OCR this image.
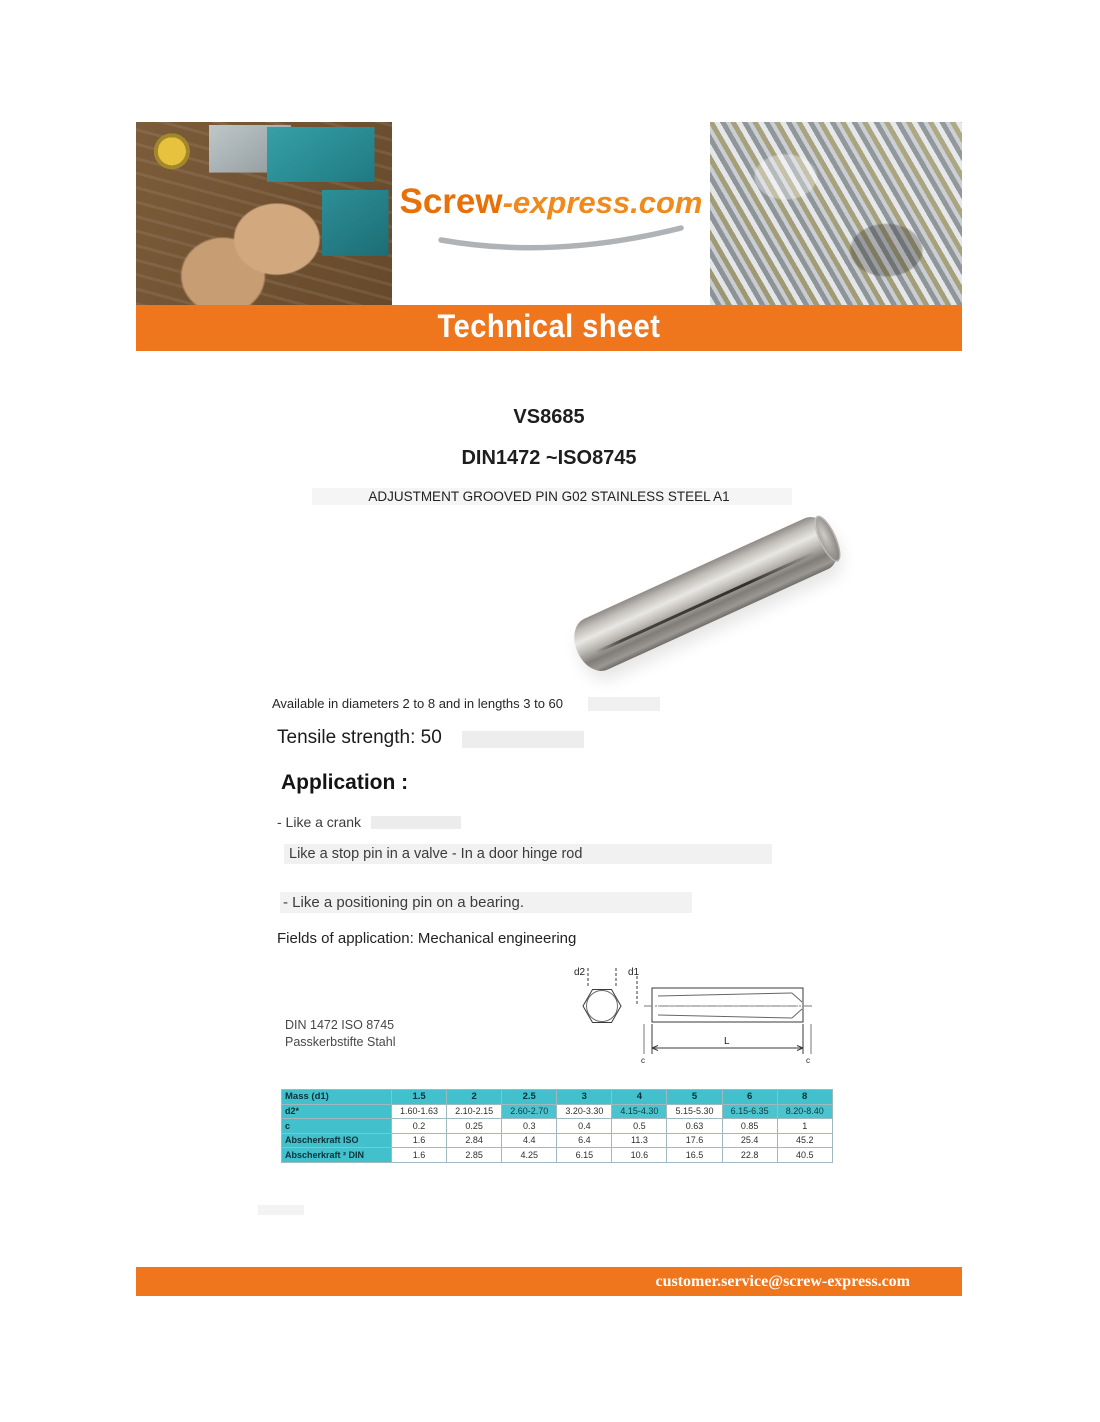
Screw-express.com
Technical sheet
VS8685
DIN1472 ~ISO8745
ADJUSTMENT GROOVED PIN G02 STAINLESS STEEL A1
Available in diameters 2 to 8 and in lengths 3 to 60
Tensile strength: 50
Application :
- Like a crank
Like a stop pin in a valve - In a door hinge rod
- Like a positioning pin on a bearing.
Fields of application: Mechanical engineering
DIN 1472 ISO 8745
Passkerbstifte Stahl
d2	d1
L
c	c
Mass (d1)	1.5	2	2.5	3	4	5	6	8
d2*	1.60-1.63	2.10-2.15	2.60-2.70	3.20-3.30	4.15-4.30	5.15-5.30	6.15-6.35	8.20-8.40
c	0.2	0.25	0.3	0.4	0.5	0.63	0.85	1
Abscherkraft ISO	1.6	2.84	4.4	6.4	11.3	17.6	25.4	45.2
Abscherkraft ² DIN	1.6	2.85	4.25	6.15	10.6	16.5	22.8	40.5
customer.service@screw-express.com
